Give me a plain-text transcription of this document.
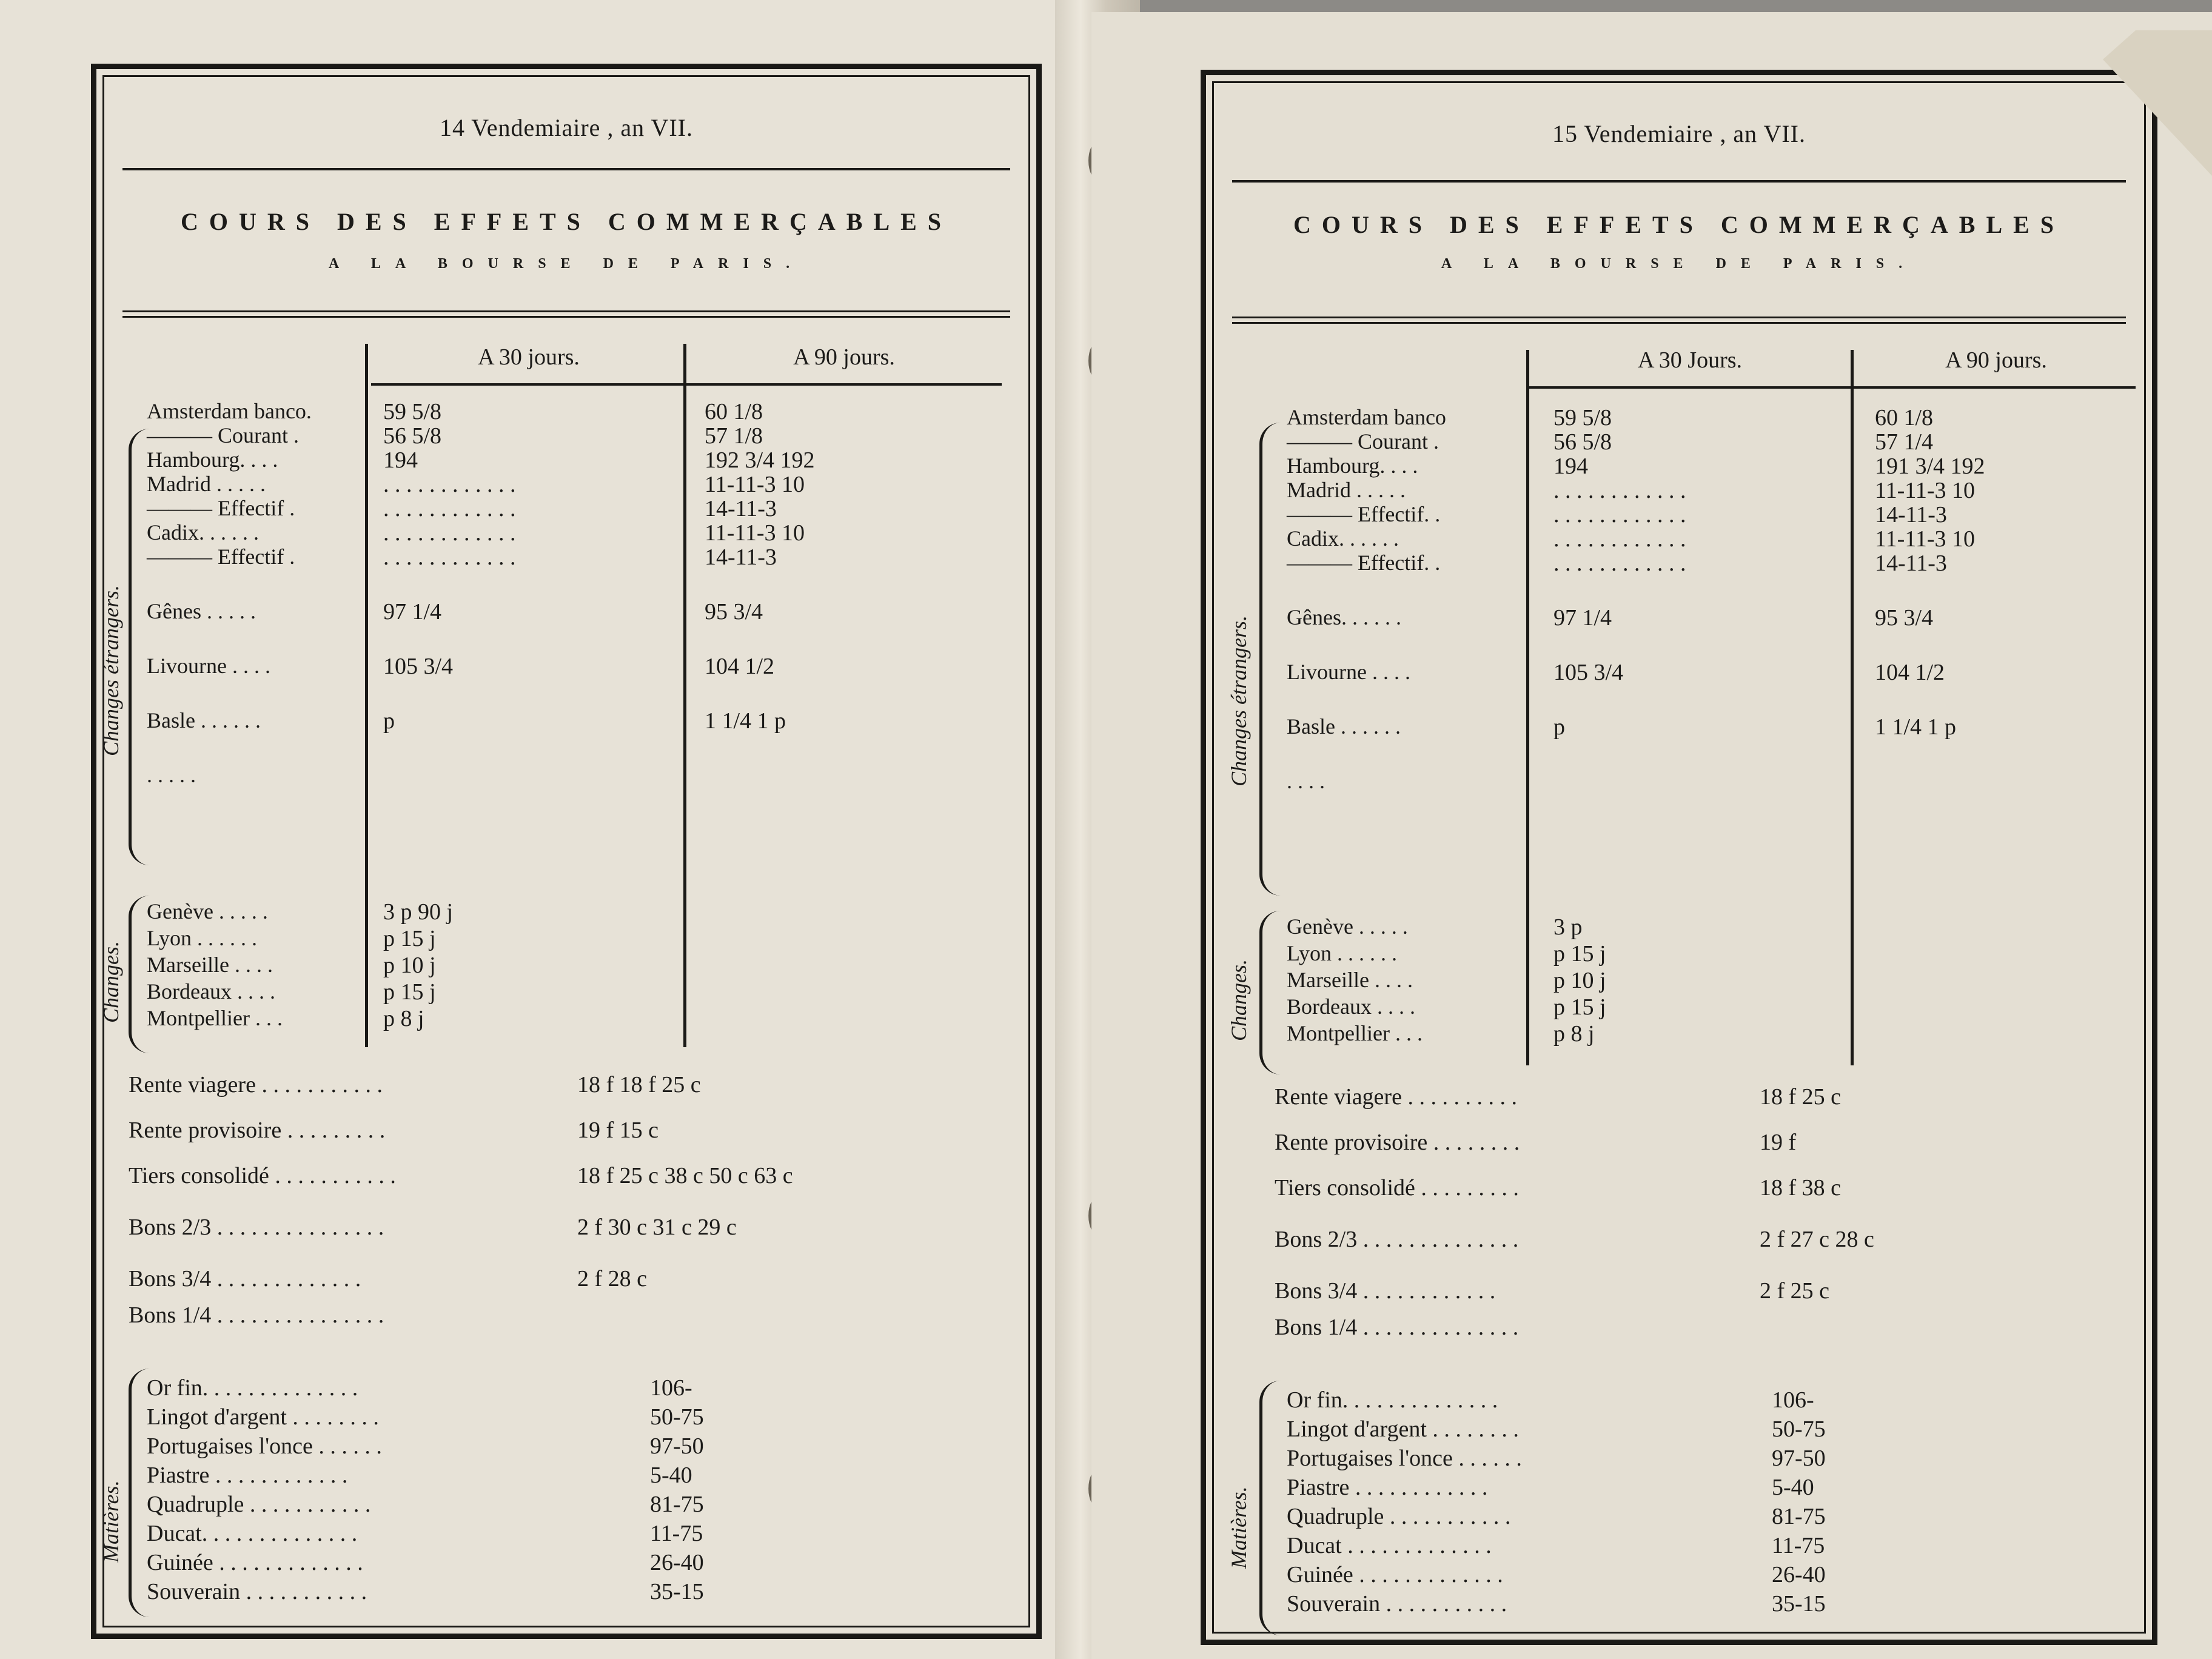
14 Vendemiaire , an VII.
COURS DES EFFETS COMMERÇABLES
A LA BOURSE DE PARIS.
A 30 jours.	A 90 jours.
Changes étrangers.
Amsterdam banco.	59 5/8	60 1/8
——— Courant .	56 5/8	57 1/8
Hambourg. . . .	194	192 3/4 192
Madrid . . . . .	. . . . . . . . . . . .	11-11-3 10
——— Effectif .	. . . . . . . . . . . .	14-11-3
Cadix. . . . . .	. . . . . . . . . . . .	11-11-3 10
——— Effectif .	. . . . . . . . . . . .	14-11-3
Gênes . . . . .	97 1/4	95 3/4
Livourne . . . .	105 3/4	104 1/2
Basle . . . . . .	p	1 1/4 1 p
. . . . .
Changes.
Genève . . . . .	3 p 90 j
Lyon . . . . . .	p 15 j
Marseille . . . .	p 10 j
Bordeaux . . . .	p 15 j
Montpellier . . .	p 8 j
Rente viagere . . . . . . . . . . .	18 f 18 f 25 c
Rente provisoire . . . . . . . . .	19 f 15 c
Tiers consolidé . . . . . . . . . . .	18 f 25 c 38 c 50 c 63 c
Bons 2/3 . . . . . . . . . . . . . . .	2 f 30 c 31 c 29 c
Bons 3/4 . . . . . . . . . . . . .	2 f 28 c
Bons 1/4 . . . . . . . . . . . . . . .
Matières.
Or fin. . . . . . . . . . . . . .	106-
Lingot d'argent . . . . . . . .	50-75
Portugaises l'once . . . . . .	97-50
Piastre . . . . . . . . . . . .	5-40
Quadruple . . . . . . . . . . .	81-75
Ducat. . . . . . . . . . . . . .	11-75
Guinée . . . . . . . . . . . . .	26-40
Souverain . . . . . . . . . . .	35-15
15 Vendemiaire , an VII.
COURS DES EFFETS COMMERÇABLES
A LA BOURSE DE PARIS.
A 30 Jours.	A 90 jours.
Changes étrangers.
Amsterdam banco	59 5/8	60 1/8
——— Courant .	56 5/8	57 1/4
Hambourg. . . .	194	191 3/4 192
Madrid . . . . .	. . . . . . . . . . . .	11-11-3 10
——— Effectif. .	. . . . . . . . . . . .	14-11-3
Cadix. . . . . .	. . . . . . . . . . . .	11-11-3 10
——— Effectif. .	. . . . . . . . . . . .	14-11-3
Gênes. . . . . .	97 1/4	95 3/4
Livourne . . . .	105 3/4	104 1/2
Basle . . . . . .	p	1 1/4 1 p
. . . .
Changes.
Genève . . . . .	3 p
Lyon . . . . . .	p 15 j
Marseille . . . .	p 10 j
Bordeaux . . . .	p 15 j
Montpellier . . .	p 8 j
Rente viagere . . . . . . . . . .	18 f 25 c
Rente provisoire . . . . . . . .	19 f
Tiers consolidé . . . . . . . . .	18 f 38 c
Bons 2/3 . . . . . . . . . . . . . .	2 f 27 c 28 c
Bons 3/4 . . . . . . . . . . . .	2 f 25 c
Bons 1/4 . . . . . . . . . . . . . .
Matières.
Or fin. . . . . . . . . . . . . .	106-
Lingot d'argent . . . . . . . .	50-75
Portugaises l'once . . . . . .	97-50
Piastre . . . . . . . . . . . .	5-40
Quadruple . . . . . . . . . . .	81-75
Ducat . . . . . . . . . . . . .	11-75
Guinée . . . . . . . . . . . . .	26-40
Souverain . . . . . . . . . . .	35-15
